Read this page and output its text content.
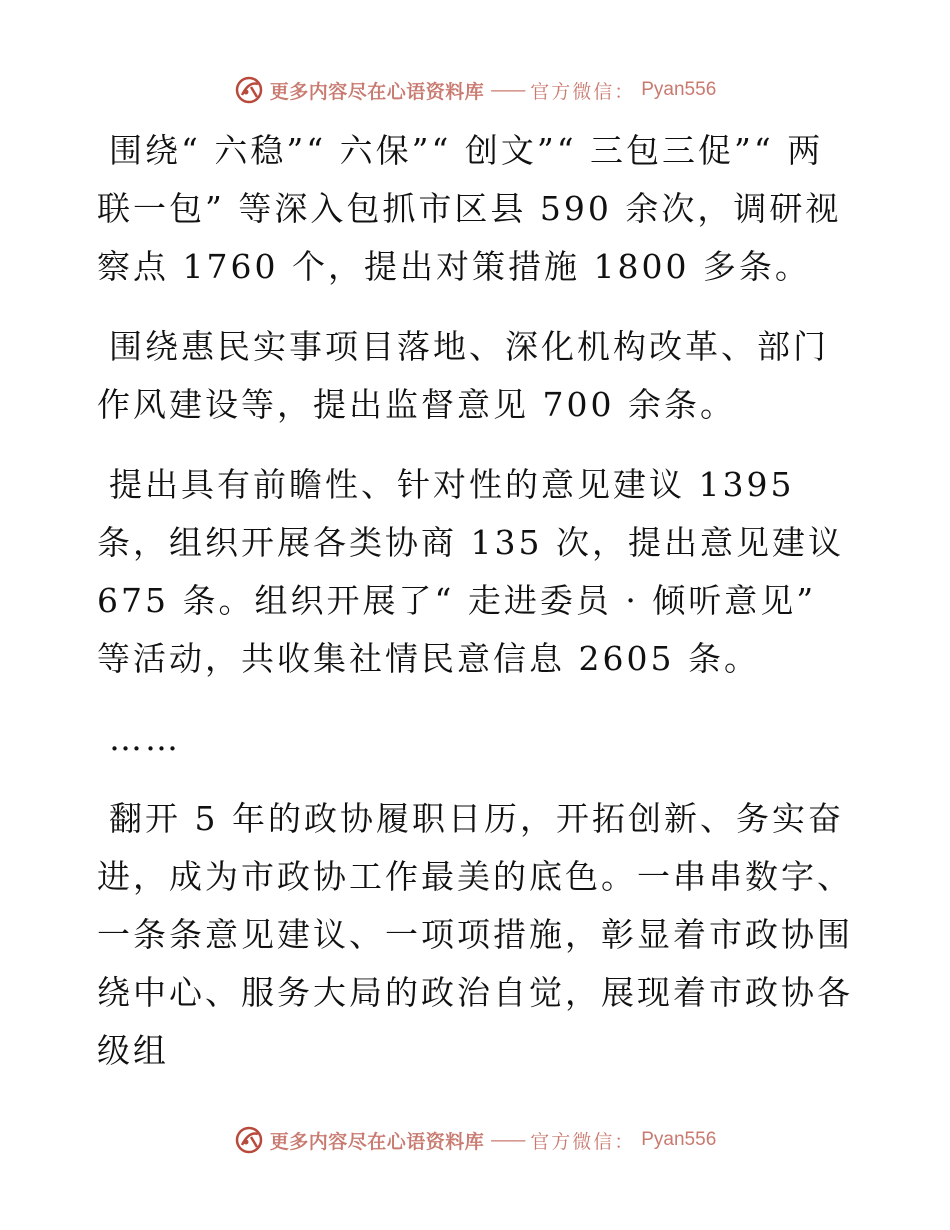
更多内容尽在心语资料库 —— 官方微信： Pyan556

围绕“ 六稳”“ 六保”“ 创文”“ 三包三促”“ 两联一包” 等深入包抓市区县 590 余次，调研视察点 1760 个，提出对策措施 1800 多条。

围绕惠民实事项目落地、深化机构改革、部门作风建设等，提出监督意见 700 余条。

提出具有前瞻性、针对性的意见建议 1395 条，组织开展各类协商 135 次，提出意见建议 675 条。组织开展了“ 走进委员 · 倾听意见” 等活动，共收集社情民意信息 2605 条。

……

翻开 5 年的政协履职日历，开拓创新、务实奋进，成为市政协工作最美的底色。一串串数字、一条条意见建议、一项项措施，彰显着市政协围绕中心、服务大局的政治自觉，展现着市政协各级组

更多内容尽在心语资料库 —— 官方微信： Pyan556
